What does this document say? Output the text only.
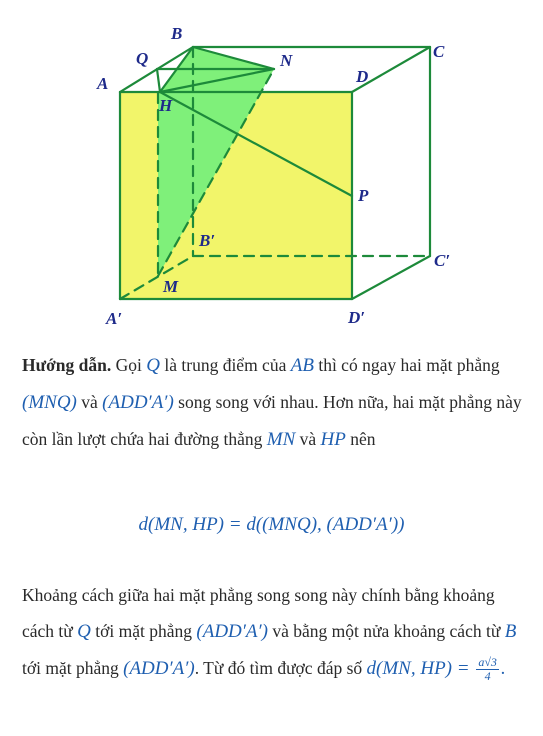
B
C
Q	N
D
A
H
P
B′
C′
M
A′	D′
Hướng dẫn. Gọi Q là trung điểm của AB thì có ngay hai mặt phẳng (MNQ) và (ADD′A′) song song với nhau. Hơn nữa, hai mặt phẳng này còn lần lượt chứa hai đường thẳng MN và HP nên
d(MN, HP) = d((MNQ), (ADD′A′))
Khoảng cách giữa hai mặt phẳng song song này chính bằng khoảng cách từ Q tới mặt phẳng (ADD′A′) và bằng một nửa khoảng cách từ B tới mặt phẳng (ADD′A′). Từ đó tìm được đáp số d(MN, $HP) = \frac{a√3}{4}$ .
